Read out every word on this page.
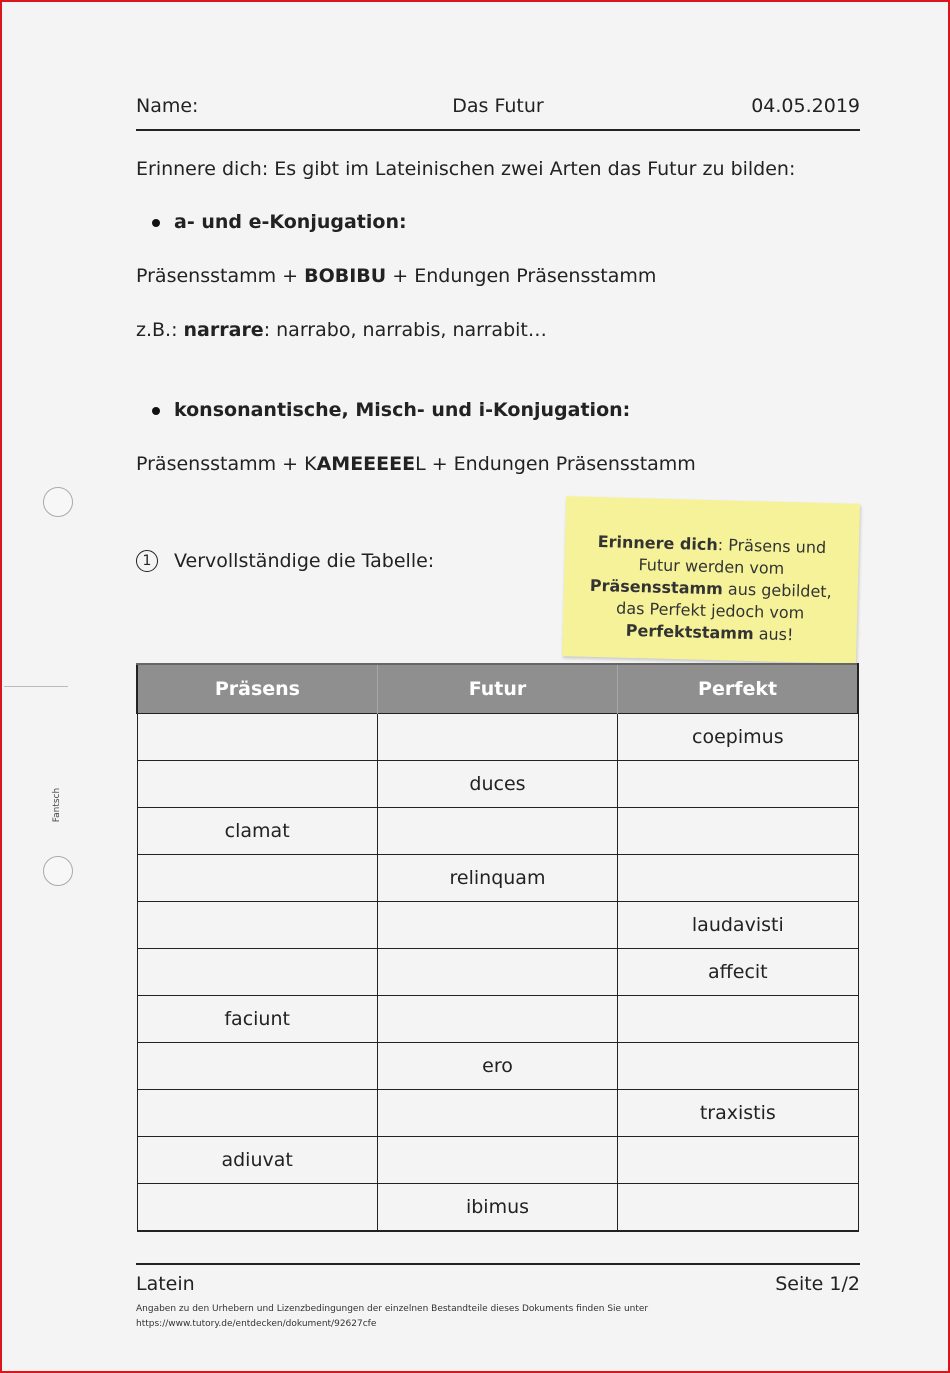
Name:	Das Futur	04.05.2019
Erinnere dich: Es gibt im Lateinischen zwei Arten das Futur zu bilden:
a- und e-Konjugation:
Präsensstamm + BOBIBU + Endungen Präsensstamm
z.B.: narrare: narrabo, narrabis, narrabit…
konsonantische, Misch- und i-Konjugation:
Präsensstamm + KAMEEEEEL + Endungen Präsensstamm
Fantsch
1	Vervollständige die Tabelle:
Erinnere dich: Präsens und Futur werden vom Präsensstamm aus gebildet, das Perfekt jedoch vom Perfektstamm aus!
Präsens	Futur	Perfekt
		coepimus
	duces	
clamat		
	relinquam	
		laudavisti
		affecit
faciunt		
	ero	
		traxistis
adiuvat		
	ibimus	
Latein	Seite 1/2
Angaben zu den Urhebern und Lizenzbedingungen der einzelnen Bestandteile dieses Dokuments finden Sie unter
https://www.tutory.de/entdecken/dokument/92627cfe
